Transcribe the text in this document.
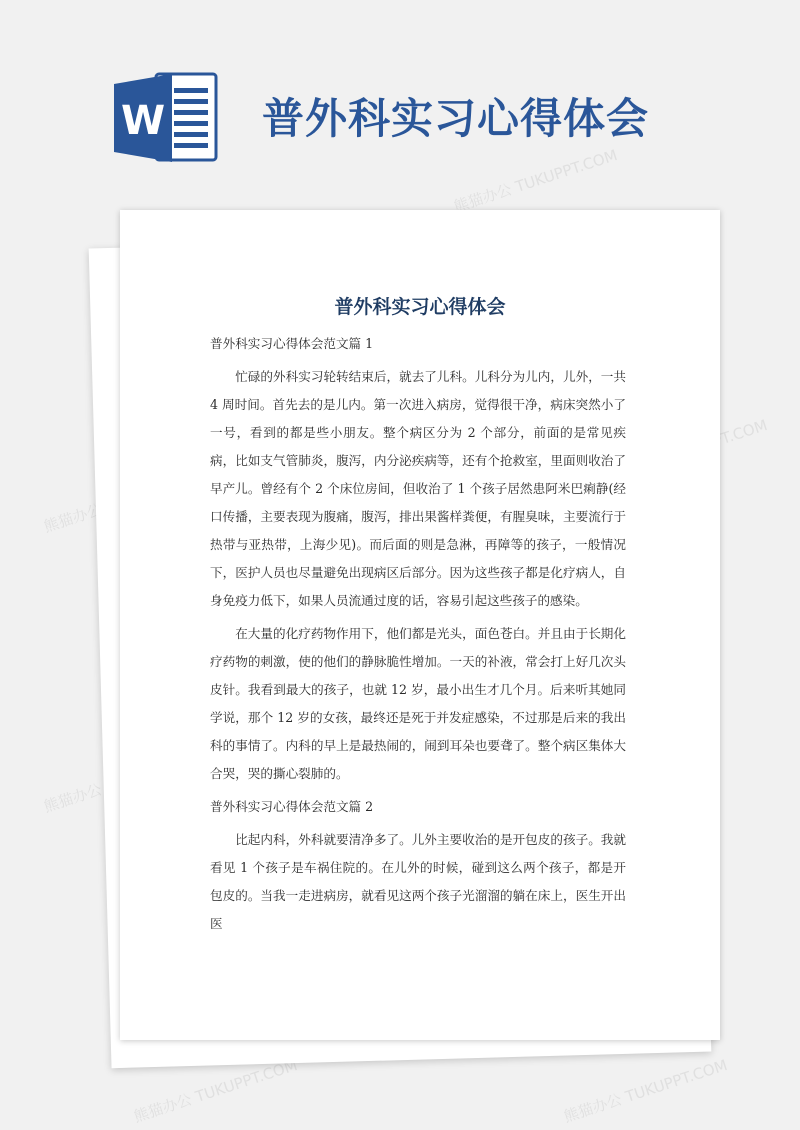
W 普外科实习心得体会
熊猫办公 TUKUPPT.COM
熊猫办公
熊猫办公
熊猫办公 TUKUPPT.COM	熊猫办公 TUKUPPT.COM
普外科实习心得体会

普外科实习心得体会范文篇 1

忙碌的外科实习轮转结束后，就去了儿科。儿科分为儿内，儿外，一共 4 周时间。首先去的是儿内。第一次进入病房，觉得很干净，病床突然小了一号，看到的都是些小朋友。整个病区分为 2 个部分，前面的是常见疾病，比如支气管肺炎，腹泻，内分泌疾病等，还有个抢救室，里面则收治了早产儿。曾经有个 2 个床位房间，但收治了 1 个孩子居然患阿米巴痢静(经口传播，主要表现为腹痛，腹泻，排出果酱样粪便，有腥臭味，主要流行于热带与亚热带，上海少见)。而后面的则是急淋，再障等的孩子，一般情况下，医护人员也尽量避免出现病区后部分。因为这些孩子都是化疗病人，自身免疫力低下，如果人员流通过度的话，容易引起这些孩子的感染。

在大量的化疗药物作用下，他们都是光头，面色苍白。并且由于长期化疗药物的刺激，使的他们的静脉脆性增加。一天的补液，常会打上好几次头皮针。我看到最大的孩子，也就 12 岁，最小出生才几个月。后来听其她同学说，那个 12 岁的女孩，最终还是死于并发症感染，不过那是后来的我出科的事情了。内科的早上是最热闹的，闹到耳朵也要聋了。整个病区集体大合哭，哭的撕心裂肺的。

普外科实习心得体会范文篇 2

比起内科，外科就要清净多了。儿外主要收治的是开包皮的孩子。我就看见 1 个孩子是车祸住院的。在儿外的时候，碰到这么两个孩子，都是开包皮的。当我一走进病房，就看见这两个孩子光溜溜的躺在床上，医生开出医
